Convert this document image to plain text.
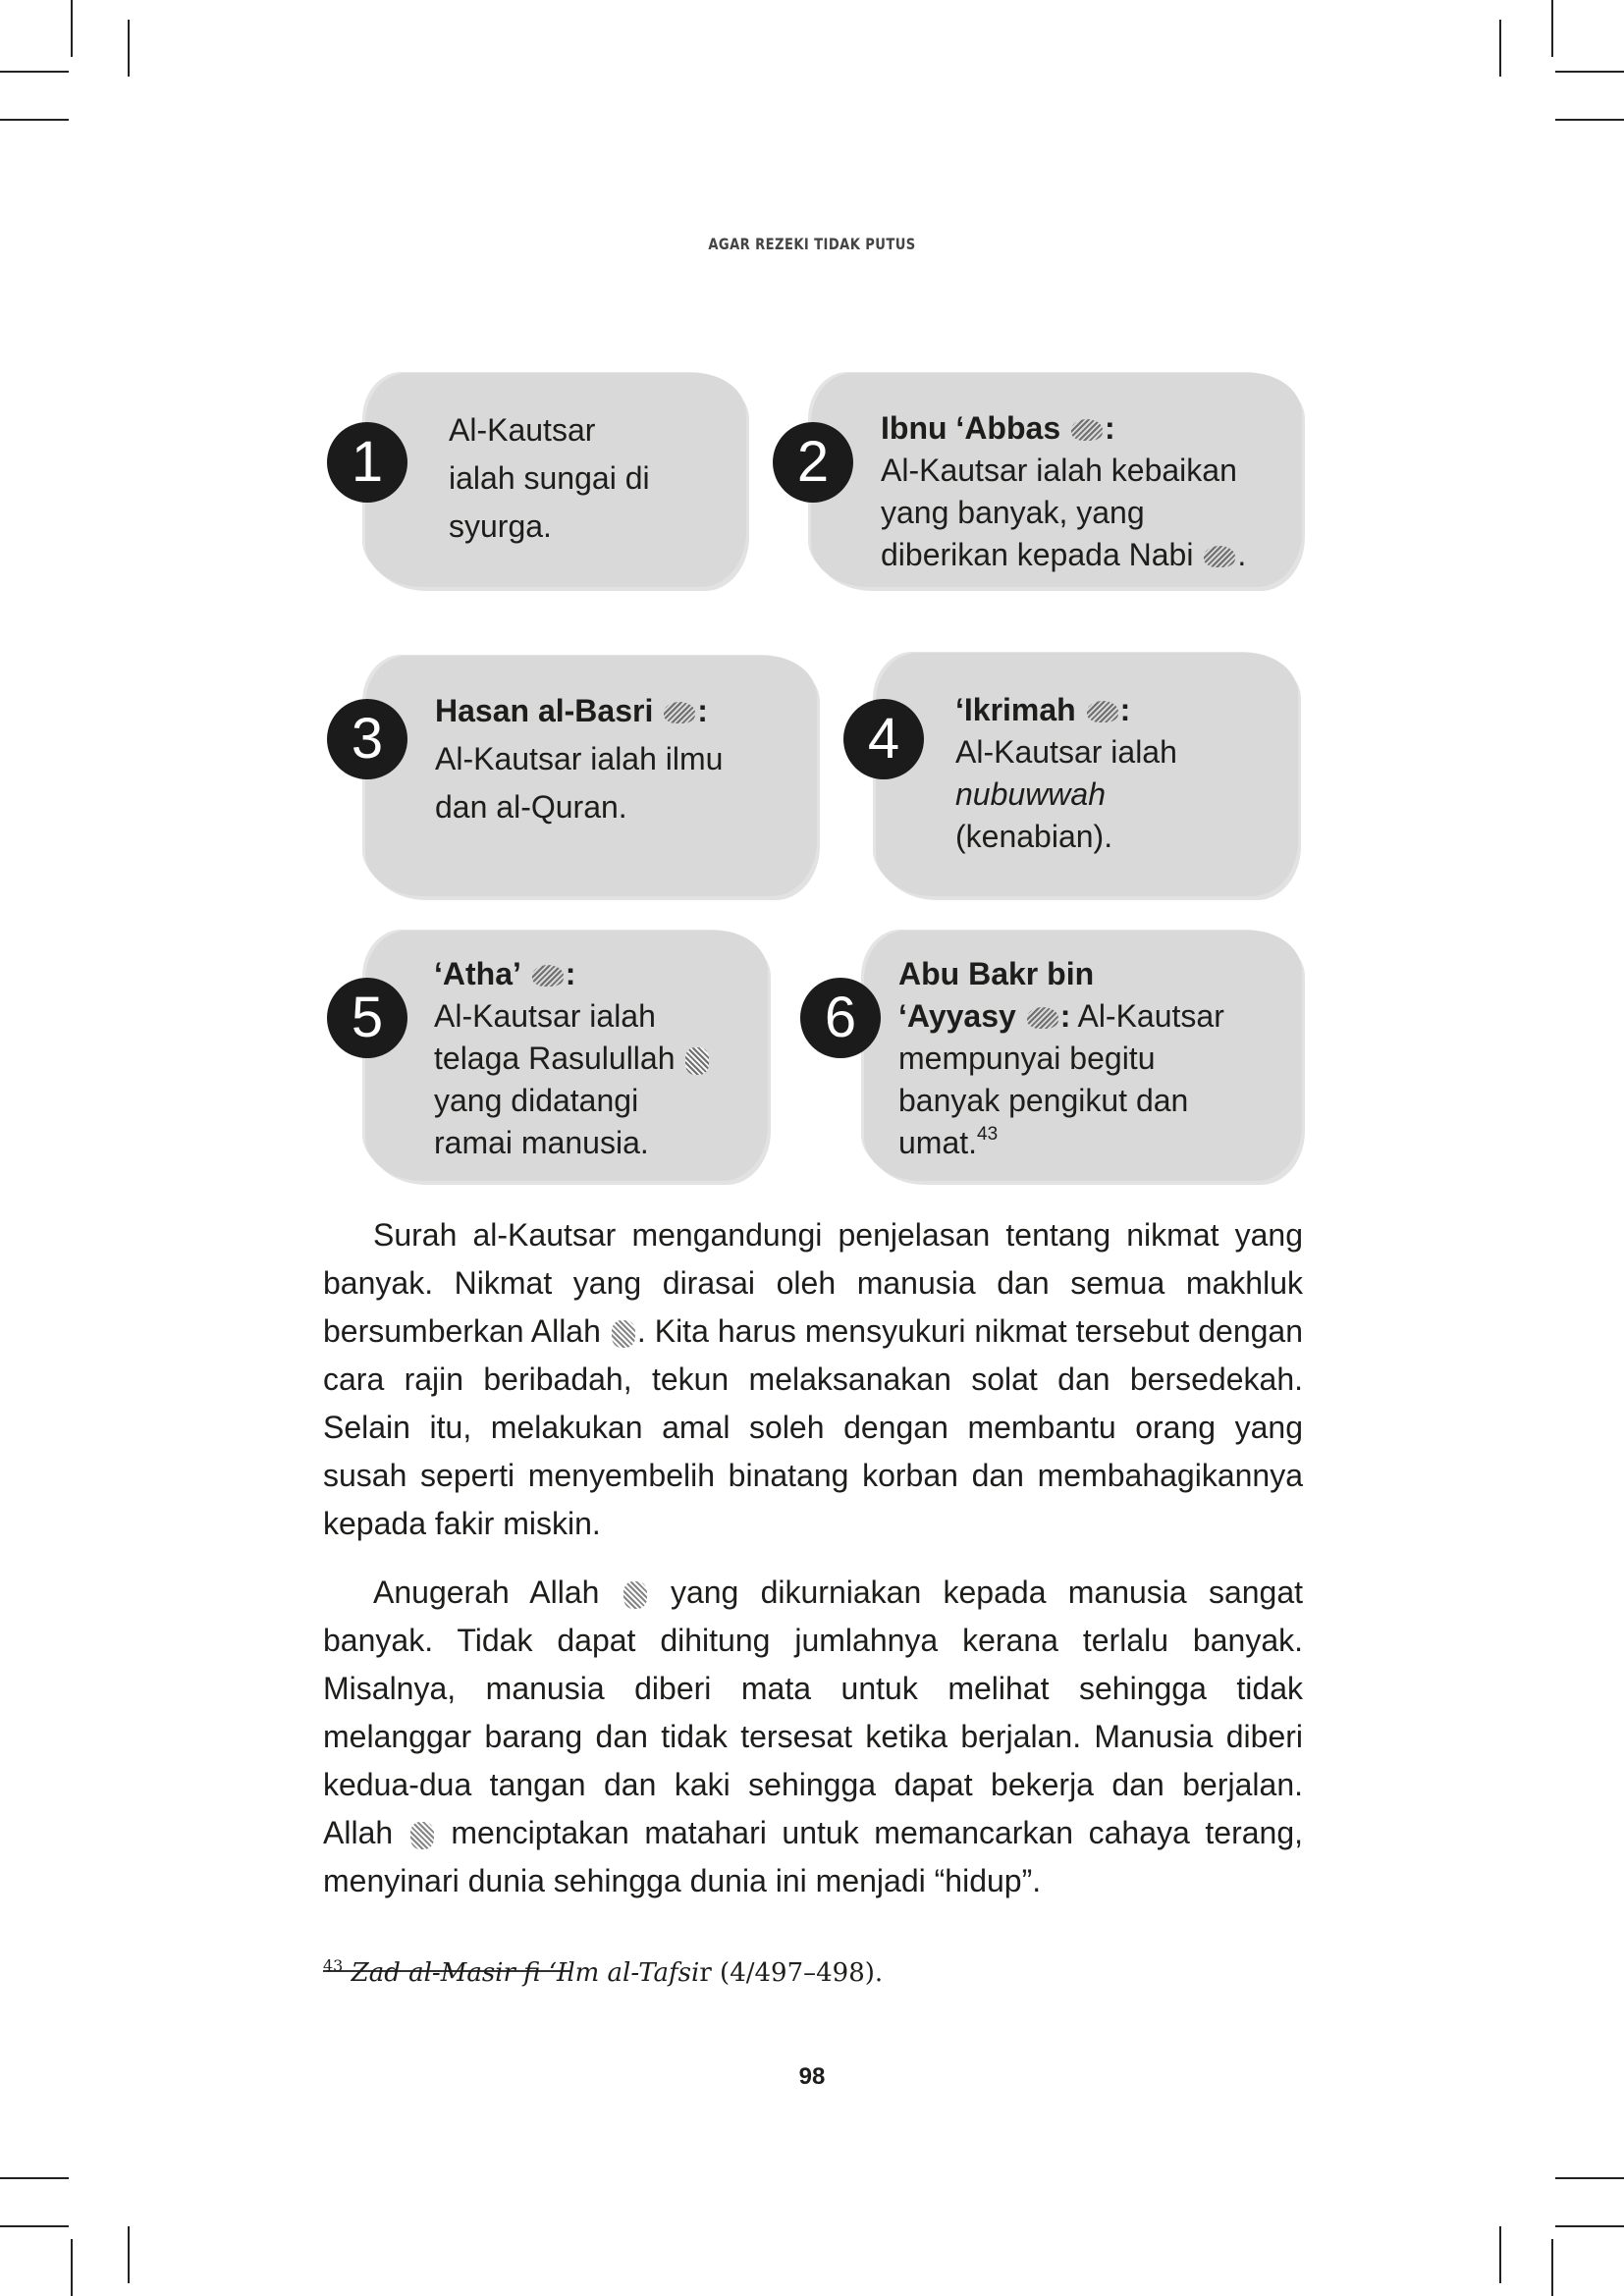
AGAR REZEKI TIDAK PUTUS
1	Al-Kautsar
ialah sungai di
syurga.
2
Ibnu ‘Abbas :
Al-Kautsar ialah kebaikan
yang banyak, yang
diberikan kepada Nabi .
3	Hasan al-Basri :
Al-Kautsar ialah ilmu
dan al-Quran.
4	‘Ikrimah :
Al-Kautsar ialah
nubuwwah
(kenabian).
5
‘Atha’ :
Al-Kautsar ialah
telaga Rasulullah
yang didatangi
ramai manusia.
6
Abu Bakr bin
‘Ayyasy : Al-Kautsar
mempunyai begitu
banyak pengikut dan
umat.$^{43}$

Surah al-Kautsar mengandungi penjelasan tentang nikmat yang banyak. Nikmat yang dirasai oleh manusia dan semua makhluk bersumberkan Allah . Kita harus mensyukuri nikmat tersebut dengan cara rajin beribadah, tekun melaksanakan solat dan bersedekah. Selain itu, melakukan amal soleh dengan membantu orang yang susah seperti menyembelih binatang korban dan membahagikannya kepada fakir miskin.

Anugerah Allah  yang dikurniakan kepada manusia sangat banyak. Tidak dapat dihitung jumlahnya kerana terlalu banyak. Misalnya, manusia diberi mata untuk melihat sehingga tidak melanggar barang dan tidak tersesat ketika berjalan. Manusia diberi kedua-dua tangan dan kaki sehingga dapat bekerja dan berjalan. Allah  menciptakan matahari untuk memancarkan cahaya terang, menyinari dunia sehingga dunia ini menjadi “hidup”.

$^{43}$ Zad al-Masir fi ‘Ilm al-Tafsir (4/497–498).
98
